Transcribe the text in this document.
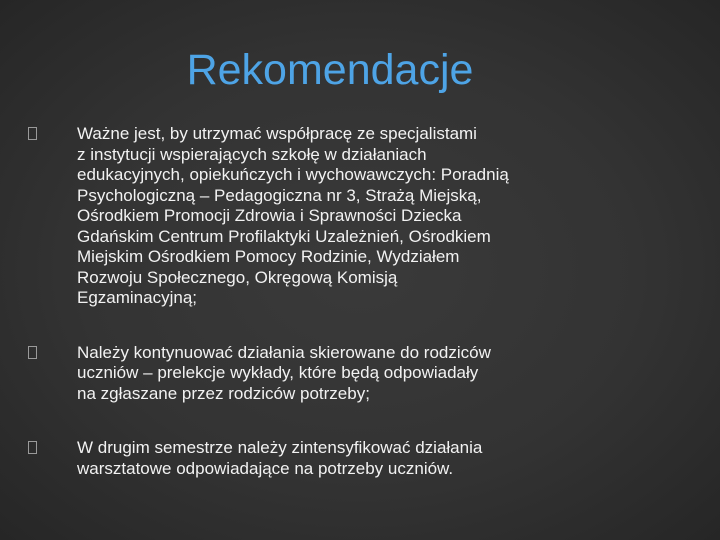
Rekomendacje
Ważne jest, by utrzymać współpracę ze specjalistami
z instytucji wspierających szkołę w działaniach
edukacyjnych, opiekuńczych i wychowawczych: Poradnią
Psychologiczną – Pedagogiczna nr 3, Strażą Miejską,
Ośrodkiem Promocji Zdrowia i Sprawności Dziecka
Gdańskim Centrum Profilaktyki Uzależnień, Ośrodkiem
Miejskim Ośrodkiem Pomocy Rodzinie, Wydziałem
Rozwoju Społecznego, Okręgową Komisją
Egzaminacyjną;
Należy kontynuować działania skierowane do rodziców
uczniów – prelekcje wykłady, które będą odpowiadały
na zgłaszane przez rodziców potrzeby;
W drugim semestrze należy zintensyfikować działania
warsztatowe odpowiadające na potrzeby uczniów.
